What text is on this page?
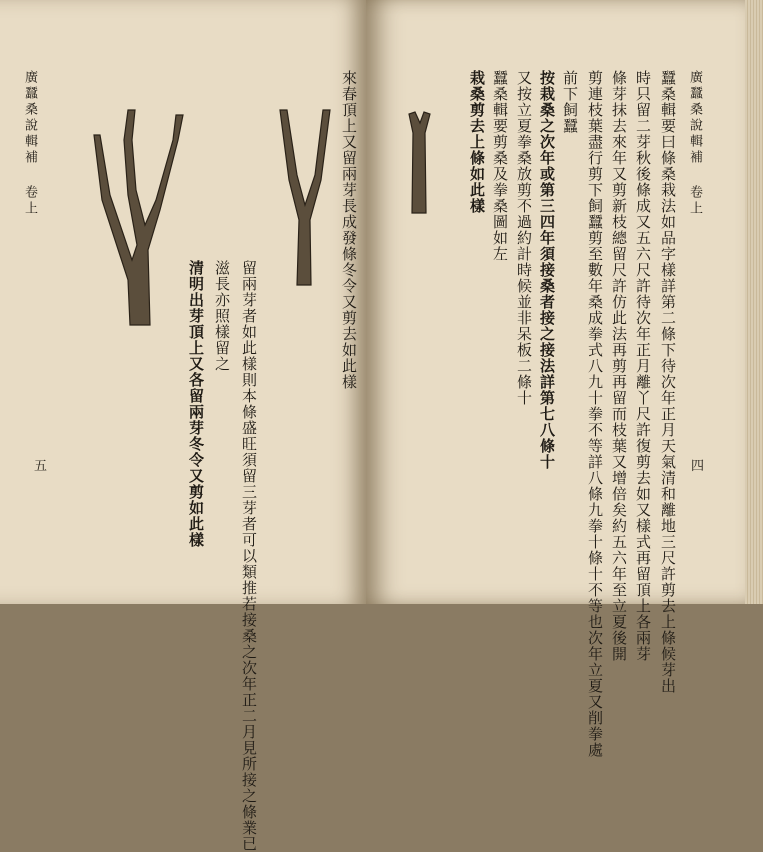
廣蠶桑說輯補
卷上	來春頂上又留兩芽長成發條冬令又剪去如此樣
留兩芽者如此樣則本條盛旺須留三芽者可以類推若接桑之次年正二月見所接之條業已
滋長亦照樣留之
清明出芽頂上又各留兩芽冬令又剪如此樣
五
廣蠶桑說輯補
卷上
蠶桑輯要曰條桑栽法如品字樣詳第二條下待次年正月天氣清和離地三尺許剪去上條候芽出
時只留二芽秋後條成又五六尺許待次年正月離丫尺許復剪去如又樣式再留頂上各兩芽
條芽抹去來年又剪新枝總留尺許仿此法再剪再留而枝葉又增倍矣約五六年至立夏後開
剪連枝葉盡行剪下飼蠶剪至數年桑成拳式八九十拳不等詳八條九拳十條十不等也次年立夏又削拳處
前下飼蠶
按栽桑之次年或第三四年須接桑者接之接法詳第七八條十
又按立夏拳桑放剪不過約計時候並非呆板二條十
蠶桑輯要剪桑及拳桑圖如左
栽桑剪去上條如此樣
四
